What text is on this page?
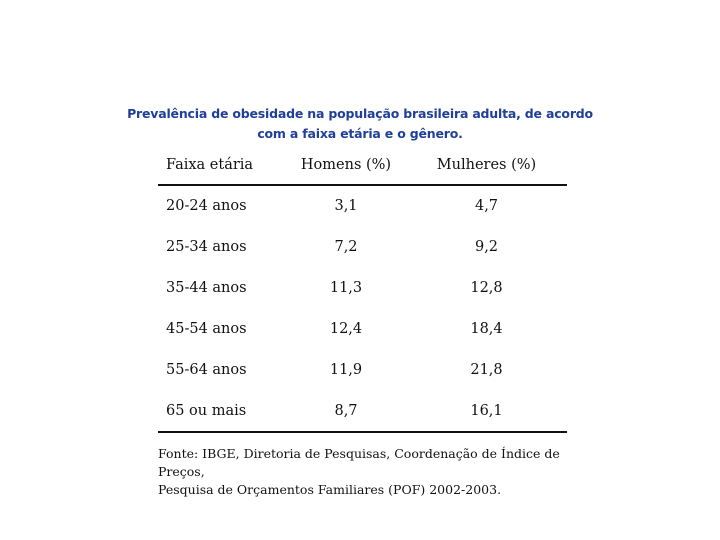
Prevalência de obesidade na população brasileira adulta, de acordo
com a faixa etária e o gênero.
Faixa etária	Homens (%)	Mulheres (%)
20-24 anos	3,1	4,7
25-34 anos	7,2	9,2
35-44 anos	11,3	12,8
45-54 anos	12,4	18,4
55-64 anos	11,9	21,8
65 ou mais	8,7	16,1
Fonte: IBGE, Diretoria de Pesquisas, Coordenação de Índice de Preços,
Pesquisa de Orçamentos Familiares (POF) 2002-2003.
